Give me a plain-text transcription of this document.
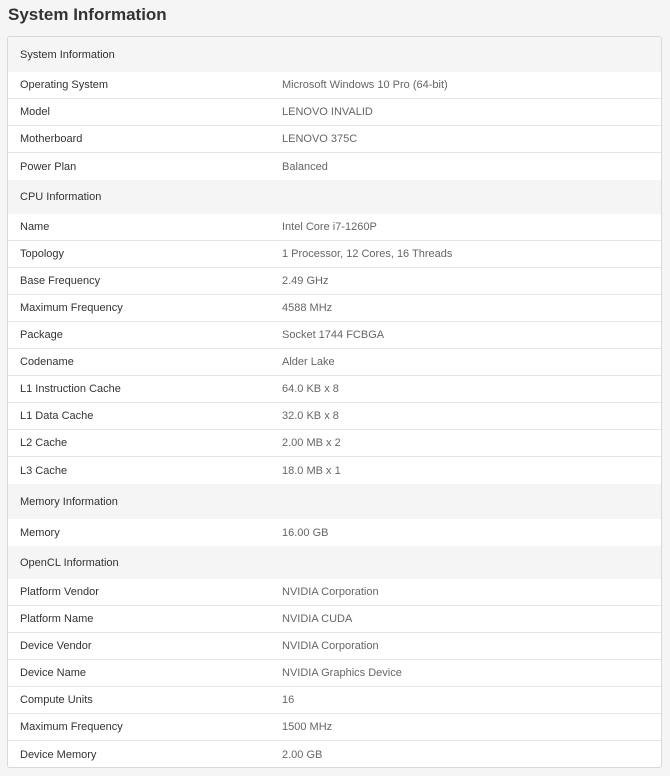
System Information
System Information
Operating System	Microsoft Windows 10 Pro (64-bit)
Model	LENOVO INVALID
Motherboard	LENOVO 375C
Power Plan	Balanced
CPU Information
Name	Intel Core i7-1260P
Topology	1 Processor, 12 Cores, 16 Threads
Base Frequency	2.49 GHz
Maximum Frequency	4588 MHz
Package	Socket 1744 FCBGA
Codename	Alder Lake
L1 Instruction Cache	64.0 KB x 8
L1 Data Cache	32.0 KB x 8
L2 Cache	2.00 MB x 2
L3 Cache	18.0 MB x 1
Memory Information
Memory	16.00 GB
OpenCL Information
Platform Vendor	NVIDIA Corporation
Platform Name	NVIDIA CUDA
Device Vendor	NVIDIA Corporation
Device Name	NVIDIA Graphics Device
Compute Units	16
Maximum Frequency	1500 MHz
Device Memory	2.00 GB
